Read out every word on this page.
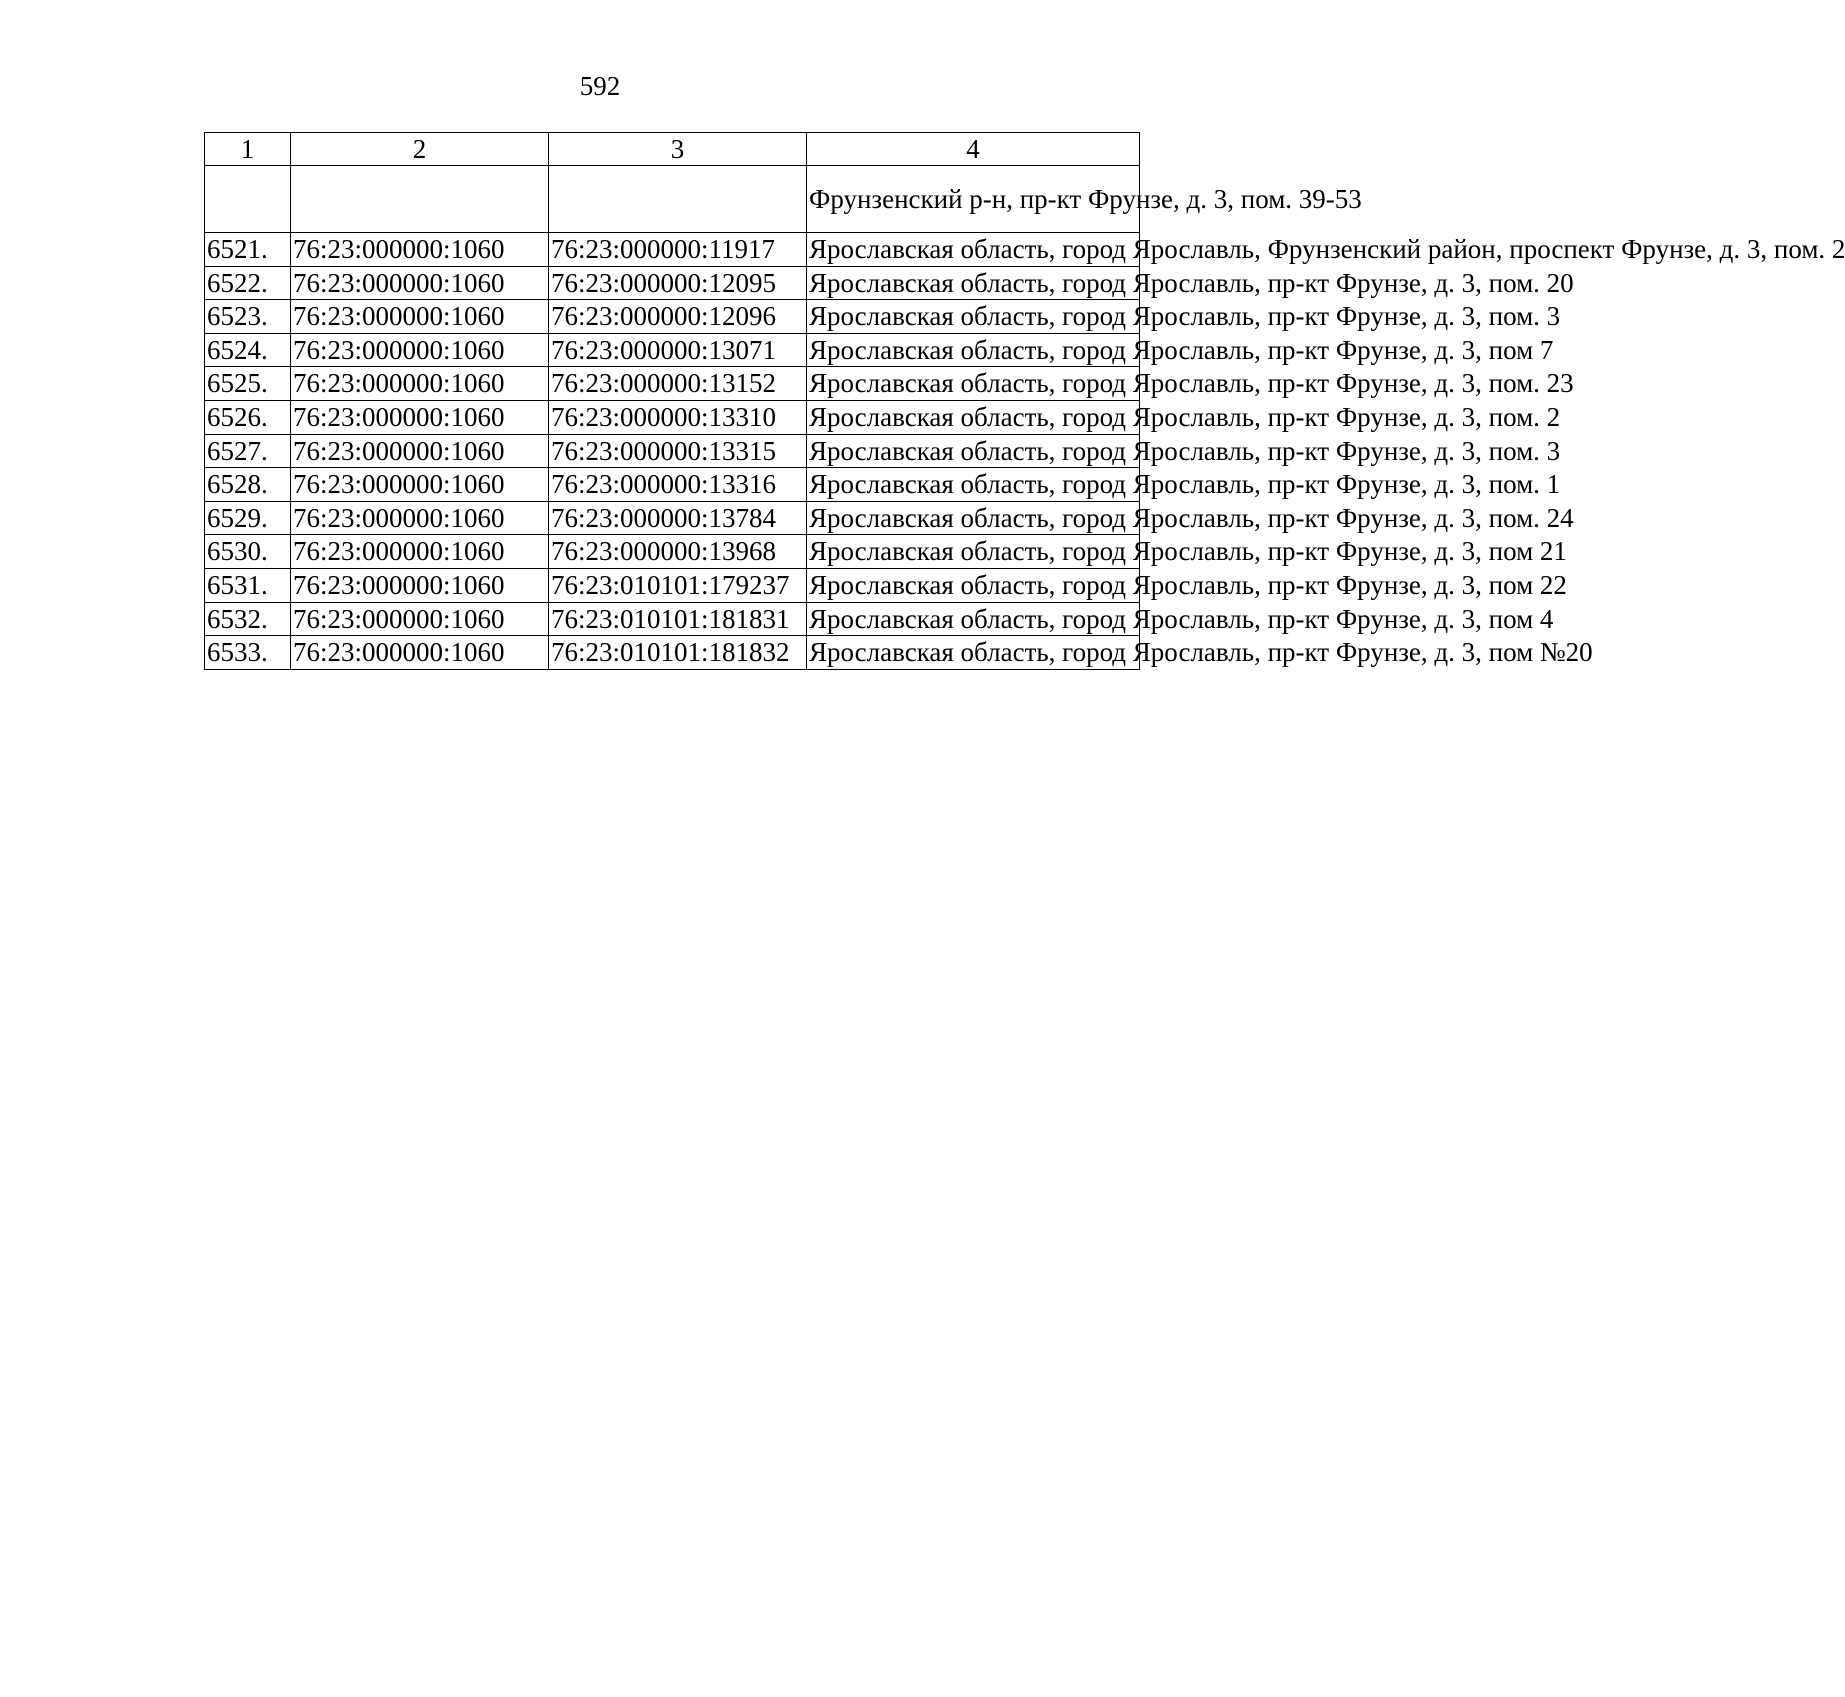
592
1	2	3	4
			Фрунзенский р-н, пр-кт Фрунзе, д. 3, пом. 39-53
6521.	76:23:000000:1060	76:23:000000:11917	Ярославская область, город Ярославль, Фрунзенский район, проспект Фрунзе, д. 3, пом. 2
6522.	76:23:000000:1060	76:23:000000:12095	Ярославская область, город Ярославль, пр-кт Фрунзе, д. 3, пом. 20
6523.	76:23:000000:1060	76:23:000000:12096	Ярославская область, город Ярославль, пр-кт Фрунзе, д. 3, пом. 3
6524.	76:23:000000:1060	76:23:000000:13071	Ярославская область, город Ярославль, пр-кт Фрунзе, д. 3, пом 7
6525.	76:23:000000:1060	76:23:000000:13152	Ярославская область, город Ярославль, пр-кт Фрунзе, д. 3, пом. 23
6526.	76:23:000000:1060	76:23:000000:13310	Ярославская область, город Ярославль, пр-кт Фрунзе, д. 3, пом. 2
6527.	76:23:000000:1060	76:23:000000:13315	Ярославская область, город Ярославль, пр-кт Фрунзе, д. 3, пом. 3
6528.	76:23:000000:1060	76:23:000000:13316	Ярославская область, город Ярославль, пр-кт Фрунзе, д. 3, пом. 1
6529.	76:23:000000:1060	76:23:000000:13784	Ярославская область, город Ярославль, пр-кт Фрунзе, д. 3, пом. 24
6530.	76:23:000000:1060	76:23:000000:13968	Ярославская область, город Ярославль, пр-кт Фрунзе, д. 3, пом 21
6531.	76:23:000000:1060	76:23:010101:179237	Ярославская область, город Ярославль, пр-кт Фрунзе, д. 3, пом 22
6532.	76:23:000000:1060	76:23:010101:181831	Ярославская область, город Ярославль, пр-кт Фрунзе, д. 3, пом 4
6533.	76:23:000000:1060	76:23:010101:181832	Ярославская область, город Ярославль, пр-кт Фрунзе, д. 3, пом №20
